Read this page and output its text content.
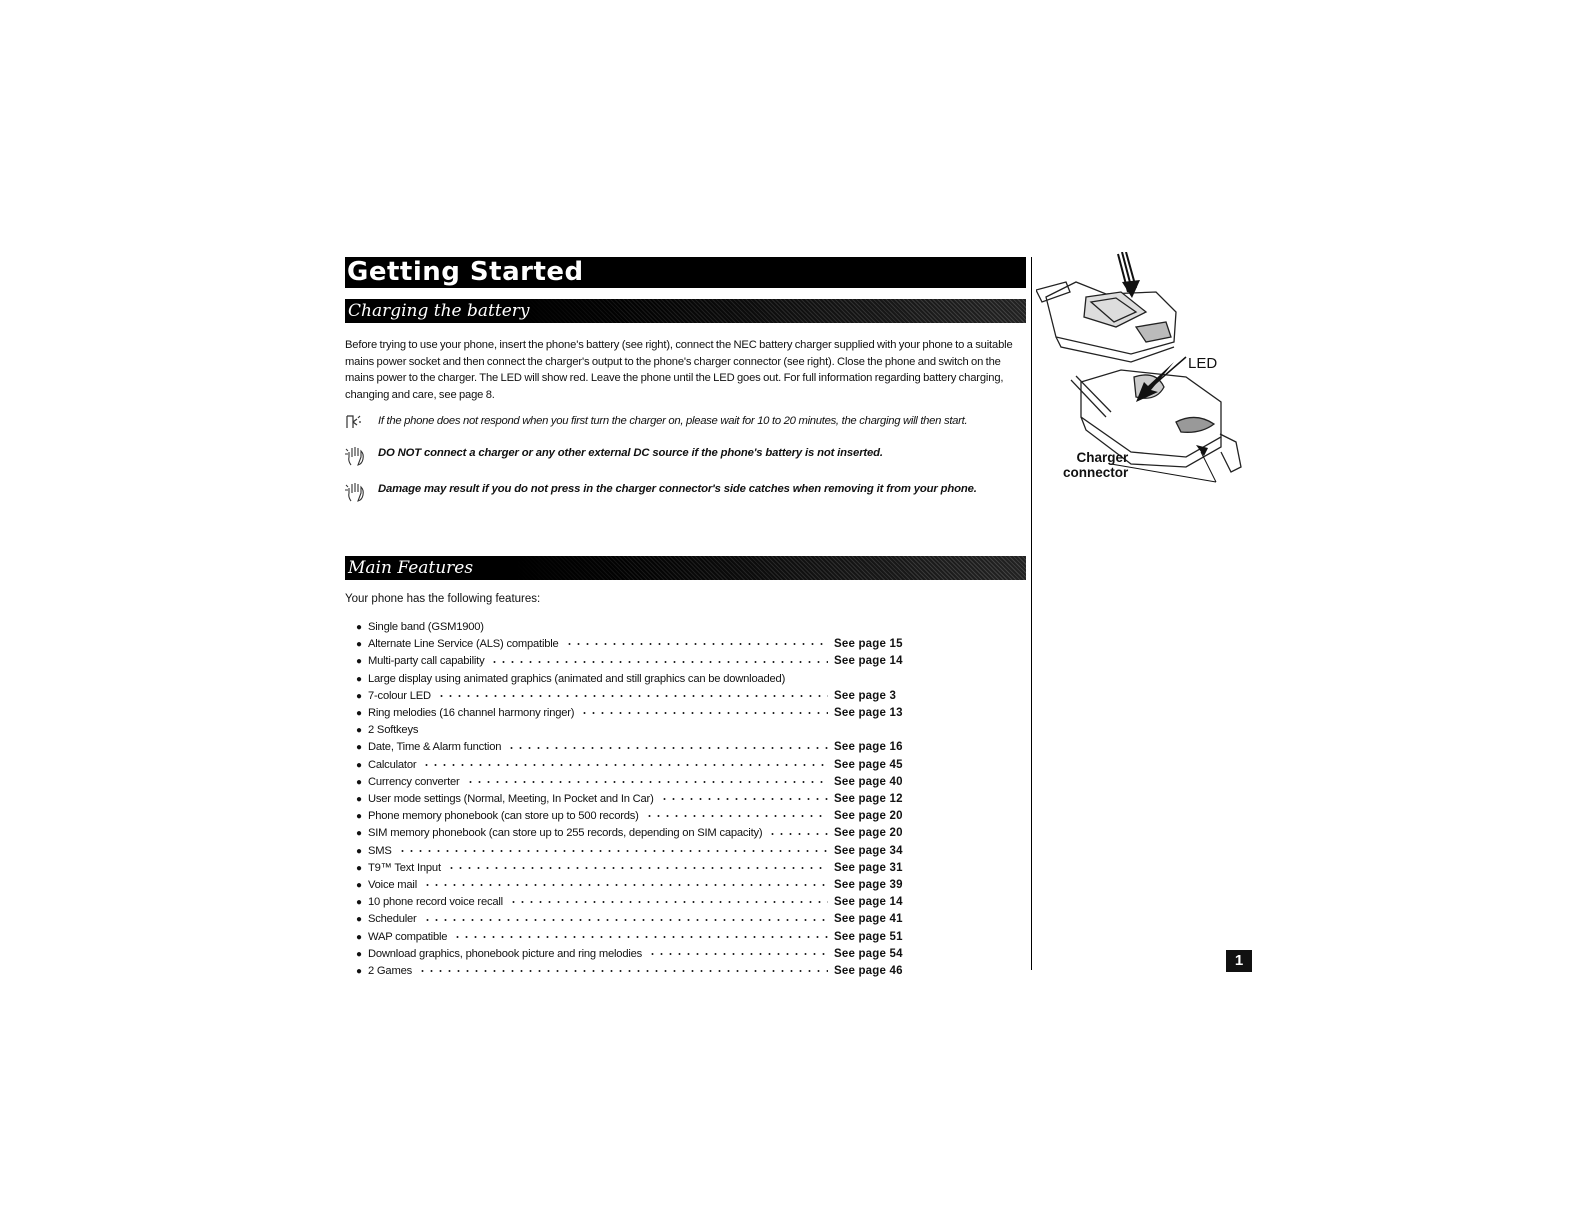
Getting Started
Charging the battery

Before trying to use your phone, insert the phone's battery (see right), connect the NEC battery charger supplied with your phone to a suitable mains power socket and then connect the charger's output to the phone's charger connector (see right). Close the phone and switch on the mains power to the charger. The LED will show red. Leave the phone until the LED goes out. For full information regarding battery charging, changing and care, see page 8.

If the phone does not respond when you first turn the charger on, please wait for 10 to 20 minutes, the charging will then start.
DO NOT connect a charger or any other external DC source if the phone's battery is not inserted.
Damage may result if you do not press in the charger connector's side catches when removing it from your phone.
Main Features

Your phone has the following features:

● Single band (GSM1900)
● Alternate Line Service (ALS) compatible	See page 15
● Multi-party call capability	See page 14
● Large display using animated graphics (animated and still graphics can be downloaded)
● 7-colour LED	See page 3
● Ring melodies (16 channel harmony ringer)	See page 13
● 2 Softkeys
● Date, Time & Alarm function	See page 16
● Calculator	See page 45
● Currency converter	See page 40
● User mode settings (Normal, Meeting, In Pocket and In Car)	See page 12
● Phone memory phonebook (can store up to 500 records)	See page 20
● SIM memory phonebook (can store up to 255 records, depending on SIM capacity)	See page 20
● SMS	See page 34
● T9™ Text Input	See page 31
● Voice mail	See page 39
● 10 phone record voice recall	See page 14
● Scheduler	See page 41
● WAP compatible	See page 51
● Download graphics, phonebook picture and ring melodies	See page 54
● 2 Games	See page 46
LED
Charger
connector
1
